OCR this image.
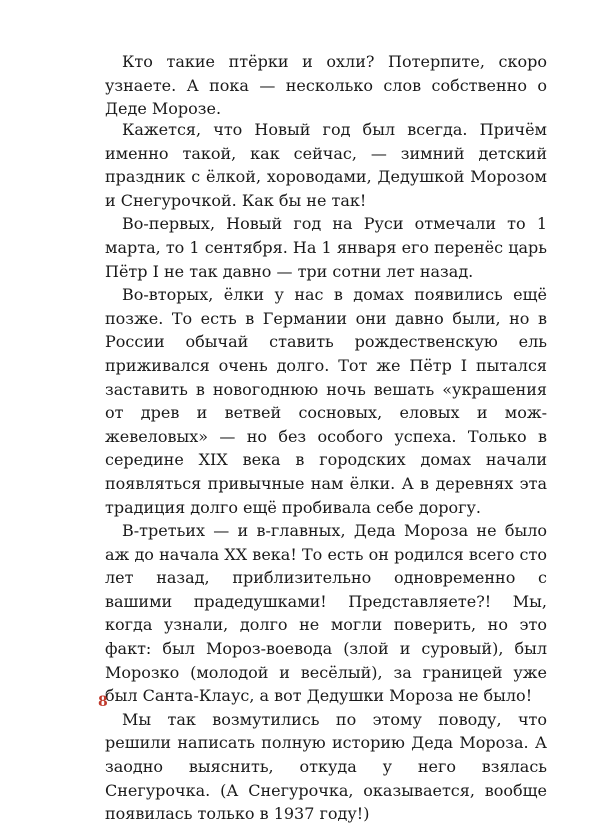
Кто такие птёрки и охли? Потерпите, скоро узнаете. А пока — несколько слов собственно о Деде Морозе.

Кажется, что Новый год был всегда. Причём именно такой, как сейчас, — зимний детский праздник с ёлкой, хороводами, Дедушкой Морозом и Снегурочкой. Как бы не так!

Во-первых, Новый год на Руси отмечали то 1 марта, то 1 сентября. На 1 января его перенёс царь Пётр I не так давно — три сотни лет назад.

Во-вторых, ёлки у нас в домах появились ещё позже. То есть в Германии они давно были, но в России обычай ставить рождественскую ель приживался очень долго. Тот же Пётр I пытался заставить в новогоднюю ночь вешать «украшения от древ и ветвей сосновых, еловых и можжевеловых» — но без особого успеха. Только в середине XIX века в городских домах начали появляться привычные нам ёлки. А в деревнях эта традиция долго ещё пробивала себе дорогу.

В-третьих — и в-главных, Деда Мороза не было аж до начала XX века! То есть он родился всего сто лет назад, приблизительно одновременно с вашими прадедушками! Представляете?! Мы, когда узнали, долго не могли поверить, но это факт: был Мороз-воевода (злой и суровый), был Морозко (молодой и весёлый), за границей уже был Санта-Клаус, а вот Дедушки Мороза не было!

Мы так возмутились по этому поводу, что решили написать полную историю Деда Мороза. А заодно выяснить, откуда у него взялась Снегурочка. (А Снегурочка, оказывается, вообще появилась только в 1937 году!)

8
